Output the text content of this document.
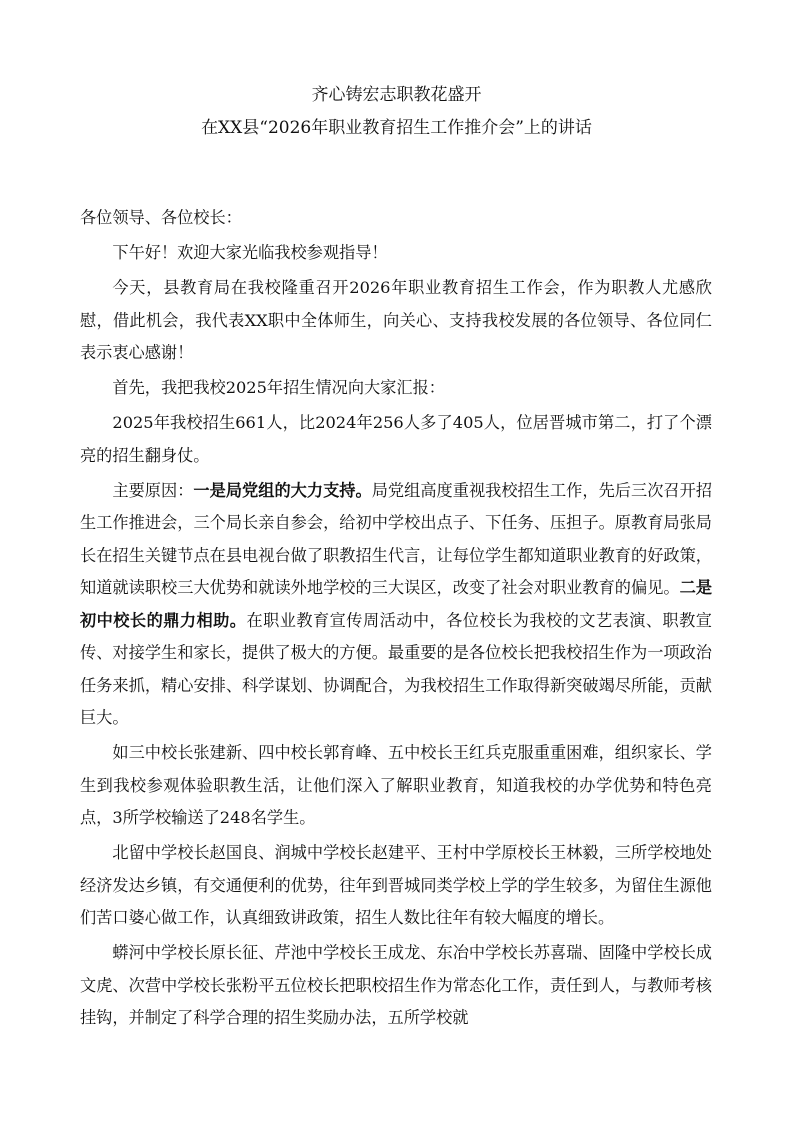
齐心铸宏志职教花盛开
在XX县“2026年职业教育招生工作推介会”上的讲话

各位领导、各位校长：

下午好！欢迎大家光临我校参观指导！

今天，县教育局在我校隆重召开2026年职业教育招生工作会，作为职教人尤感欣慰，借此机会，我代表XX职中全体师生，向关心、支持我校发展的各位领导、各位同仁表示衷心感谢！

首先，我把我校2025年招生情况向大家汇报：

2025年我校招生661人，比2024年256人多了405人，位居晋城市第二，打了个漂亮的招生翻身仗。

主要原因：一是局党组的大力支持。局党组高度重视我校招生工作，先后三次召开招生工作推进会，三个局长亲自参会，给初中学校出点子、下任务、压担子。原教育局张局长在招生关键节点在县电视台做了职教招生代言，让每位学生都知道职业教育的好政策，知道就读职校三大优势和就读外地学校的三大误区，改变了社会对职业教育的偏见。二是初中校长的鼎力相助。在职业教育宣传周活动中，各位校长为我校的文艺表演、职教宣传、对接学生和家长，提供了极大的方便。最重要的是各位校长把我校招生作为一项政治任务来抓，精心安排、科学谋划、协调配合，为我校招生工作取得新突破竭尽所能，贡献巨大。

如三中校长张建新、四中校长郭育峰、五中校长王红兵克服重重困难，组织家长、学生到我校参观体验职教生活，让他们深入了解职业教育，知道我校的办学优势和特色亮点，3所学校输送了248名学生。

北留中学校长赵国良、润城中学校长赵建平、王村中学原校长王林毅，三所学校地处经济发达乡镇，有交通便利的优势，往年到晋城同类学校上学的学生较多，为留住生源他们苦口婆心做工作，认真细致讲政策，招生人数比往年有较大幅度的增长。

蟒河中学校长原长征、芹池中学校长王成龙、东冶中学校长苏喜瑞、固隆中学校长成文虎、次营中学校长张粉平五位校长把职校招生作为常态化工作，责任到人，与教师考核挂钩，并制定了科学合理的招生奖励办法，五所学校就
